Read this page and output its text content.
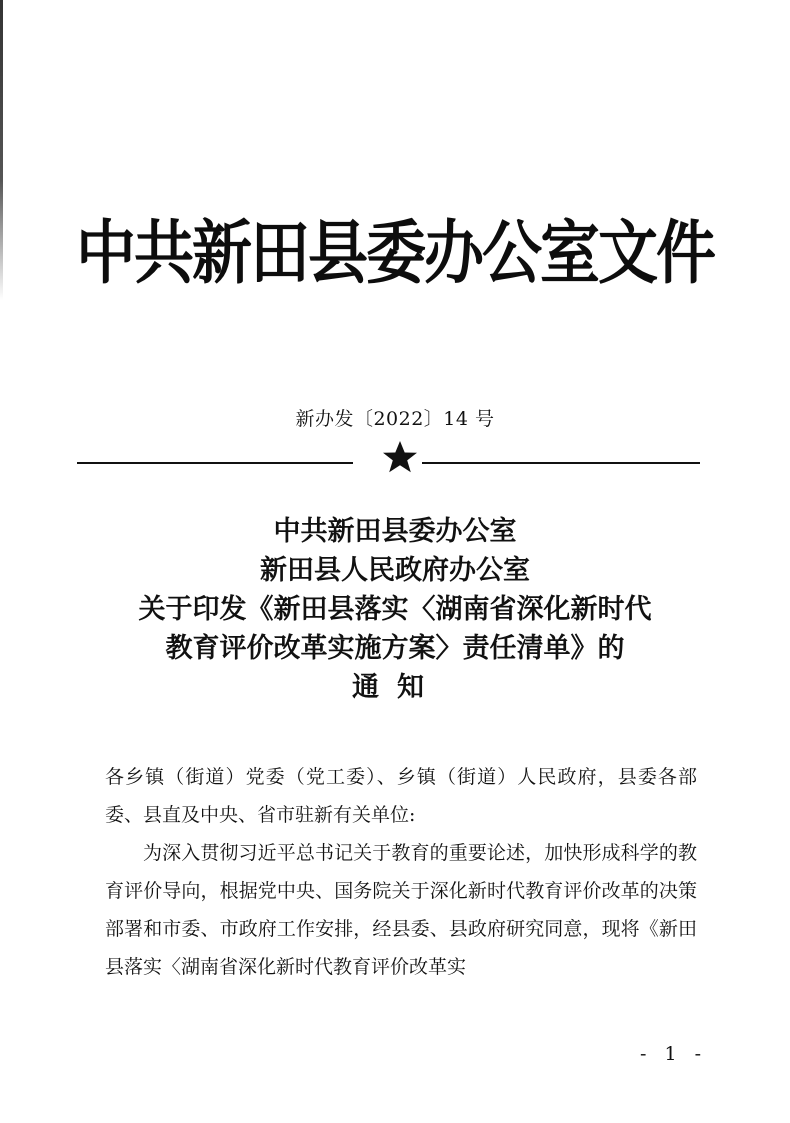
中共新田县委办公室文件
新办发〔2022〕14 号
中共新田县委办公室
新田县人民政府办公室
关于印发《新田县落实〈湖南省深化新时代
教育评价改革实施方案〉责任清单》的
通知

各乡镇（街道）党委（党工委）、乡镇（街道）人民政府，县委各部委、县直及中央、省市驻新有关单位:

为深入贯彻习近平总书记关于教育的重要论述，加快形成科学的教育评价导向，根据党中央、国务院关于深化新时代教育评价改革的决策部署和市委、市政府工作安排，经县委、县政府研究同意，现将《新田县落实〈湖南省深化新时代教育评价改革实

- 1 -
